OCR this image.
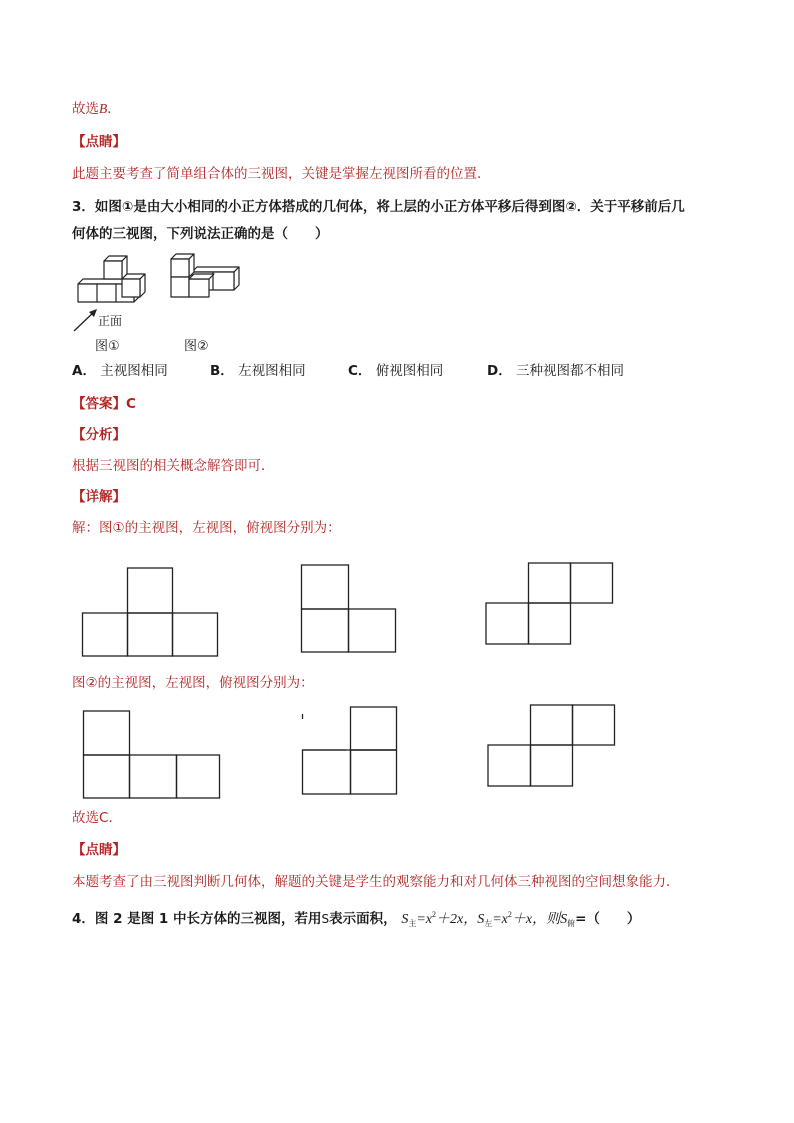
故选B．
【点睛】
此题主要考查了简单组合体的三视图，关键是掌握左视图所看的位置．
3．如图①是由大小相同的小正方体搭成的几何体，将上层的小正方体平移后得到图②．关于平移前后几
何体的三视图，下列说法正确的是（　　）
正面
图①	图②
A． 主视图相同	B． 左视图相同	C． 俯视图相同	D． 三种视图都不相同
【答案】C
【分析】
根据三视图的相关概念解答即可．
【详解】
解：图①的主视图，左视图，俯视图分别为：
图②的主视图，左视图，俯视图分别为：
故选C．
【点睛】
本题考查了由三视图判断几何体，解题的关键是学生的观察能力和对几何体三种视图的空间想象能力．
4．图 2 是图 1 中长方体的三视图，若用S表示面积， $S_主=x^2+2x$，$S_左=x^2+x$，则$S_俯=$（　　）
